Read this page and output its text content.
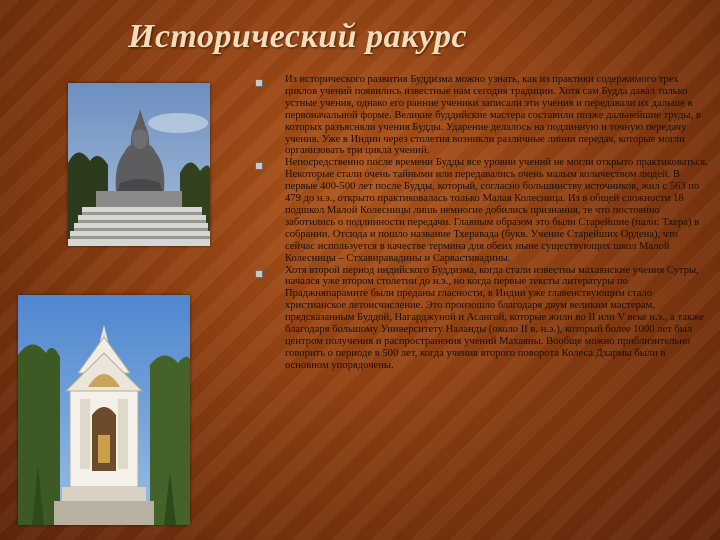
Исторический ракурс
Из исторического развития Буддизма можно узнать, как из практики содержимого трех циклов учений появились известные нам сегодня традиции. Хотя сам Будда давал только устные учения, однако его ранние ученики записали эти учения и передавали их дальше в первоначальной форме. Великие буддийские мастера составили позже дальнейшие труды, в которых разъясняли учения Будды. Ударение делалось на подлинную и точную передачу учения. Уже в Индии через столетия возникли различные линии передач, которые могли организовать три цикла учений.
Непосредственно после времени Будды все уровни учений не могли открыто практиковаться. Некоторые стали очень тайными или передавались очень малым количеством людей. В первые 400-500 лет после Будды, который, согласно большинству источников, жил с 563 по 479 до н.э., открыто практиковалась только Малая Колесница. Из в общей сложности 18 подшкол Малой Колесницы лишь немногие добились признания, те что постоянно заботились о подлинности передачи. Главным образом это были Старейшие (пали: Тхера) в собрании. Отсюда и пошло название Тхеравада (букв. Учение Старейших Ордена), что сейчас используется в качестве термина для обеих ныне существующих школ Малой Колесницы – Стхавиравадины и Сарвастивадины.
Хотя второй период индийского Буддизма, когда стали известны махаянские учения Сутры, начался уже втором столетии до н.э., но когда первые тексты литературы по Праджняпарамите были преданы гласности, в Индии уже главенствующим стало христианское летоисчисление. Это произошло благодаря двум великим мастерам, предсказанным Буддой, Нагарджуной и Асангой, которые жили во II или V веке н.э., а также благодаря большому Университету Наланды (около II в. н.э.), который более 1000 лет был центром получения и распространения учений Махаяны. Вообще можно приблизительно говорить о периоде в 500 лет, когда учения второго поворота Колеса Дхармы были в основном упорядочены.
